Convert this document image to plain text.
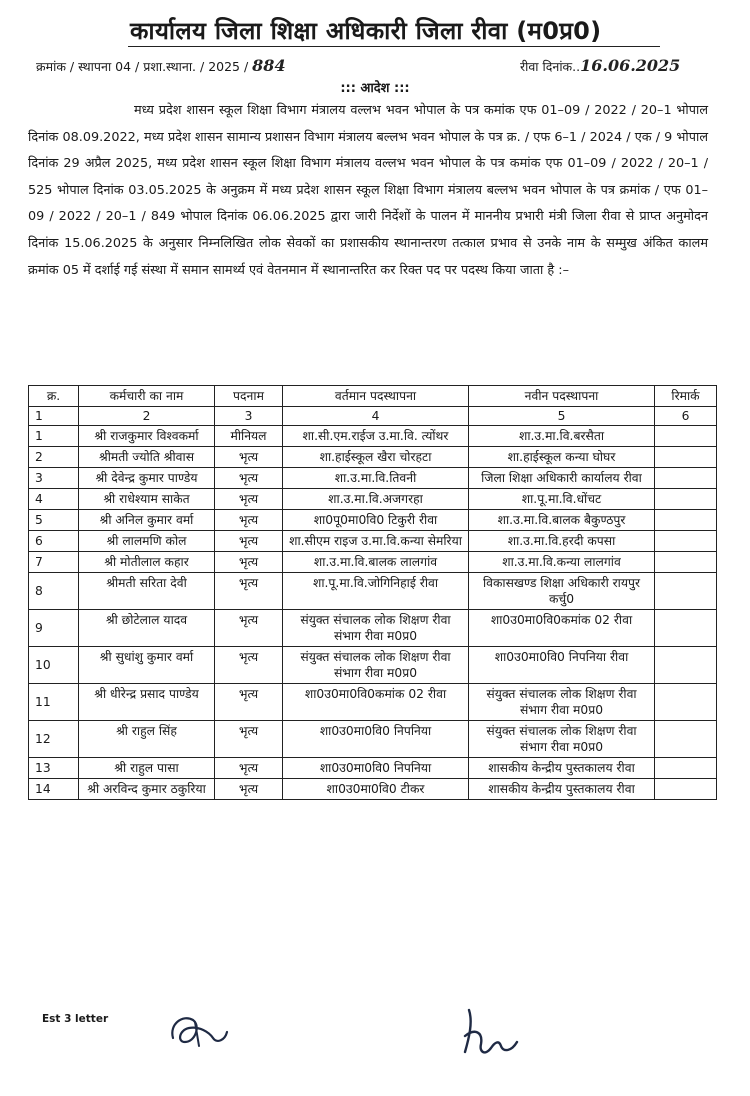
कार्यालय जिला शिक्षा अधिकारी जिला रीवा (म0प्र0)
क्रमांक / स्थापना 04 / प्रशा.स्थाना. / 2025 / 884	रीवा दिनांक..16.06.2025
::: आदेश :::
मध्य प्रदेश शासन स्कूल शिक्षा विभाग मंत्रालय वल्लभ भवन भोपाल के पत्र कमांक एफ 01–09 / 2022 / 20–1 भोपाल दिनांक 08.09.2022, मध्य प्रदेश शासन सामान्य प्रशासन विभाग मंत्रालय बल्लभ भवन भोपाल के पत्र क्र. / एफ 6–1 / 2024 / एक / 9 भोपाल दिनांक 29 अप्रैल 2025, मध्य प्रदेश शासन स्कूल शिक्षा विभाग मंत्रालय वल्लभ भवन भोपाल के पत्र कमांक एफ 01–09 / 2022 / 20–1 / 525 भोपाल दिनांक 03.05.2025 के अनुक्रम में मध्य प्रदेश शासन स्कूल शिक्षा विभाग मंत्रालय बल्लभ भवन भोपाल के पत्र क्रमांक / एफ 01–09 / 2022 / 20–1 / 849 भोपाल दिनांक 06.06.2025 द्वारा जारी निर्देशों के पालन में माननीय प्रभारी मंत्री जिला रीवा से प्राप्त अनुमोदन दिनांक 15.06.2025 के अनुसार निम्नलिखित लोक सेवकों का प्रशासकीय स्थानान्तरण तत्काल प्रभाव से उनके नाम के सम्मुख अंकित कालम क्रमांक 05 में दर्शाई गई संस्था में समान सामर्थ्य एवं वेतनमान में स्थानान्तरित कर रिक्त पद पर पदस्थ किया जाता है :–
क्र.	कर्मचारी का नाम	पदनाम	वर्तमान पदस्थापना	नवीन पदस्थापना	रिमार्क
1	2	3	4	5	6
1	श्री राजकुमार विश्वकर्मा	मीनियल	शा.सी.एम.राईज उ.मा.वि. त्योंथर	शा.उ.मा.वि.बरसैता	
2	श्रीमती ज्योति श्रीवास	भृत्य	शा.हाईस्कूल खैरा चोरहटा	शा.हाईस्कूल कन्या घोघर	
3	श्री देवेन्द्र कुमार पाण्डेय	भृत्य	शा.उ.मा.वि.तिवनी	जिला शिक्षा अधिकारी कार्यालय रीवा	
4	श्री राधेश्याम साकेत	भृत्य	शा.उ.मा.वि.अजगरहा	शा.पू.मा.वि.धोंचट	
5	श्री अनिल कुमार वर्मा	भृत्य	शा0पू0मा0वि0 टिकुरी रीवा	शा.उ.मा.वि.बालक बैकुण्ठपुर	
6	श्री लालमणि कोल	भृत्य	शा.सीएम राइज उ.मा.वि.कन्या सेमरिया	शा.उ.मा.वि.हरदी कपसा	
7	श्री मोतीलाल कहार	भृत्य	शा.उ.मा.वि.बालक लालगांव	शा.उ.मा.वि.कन्या लालगांव	
8	श्रीमती सरिता देवी	भृत्य	शा.पू.मा.वि.जोगिनिहाई रीवा	विकासखण्ड शिक्षा अधिकारी रायपुर कर्चु0	
9	श्री छोटेलाल यादव	भृत्य	संयुक्त संचालक लोक शिक्षण रीवा संभाग रीवा म0प्र0	शा0उ0मा0वि0कमांक 02 रीवा	
10	श्री सुधांशु कुमार वर्मा	भृत्य	संयुक्त संचालक लोक शिक्षण रीवा संभाग रीवा म0प्र0	शा0उ0मा0वि0 निपनिया रीवा	
11	श्री धीरेन्द्र प्रसाद पाण्डेय	भृत्य	शा0उ0मा0वि0कमांक 02 रीवा	संयुक्त संचालक लोक शिक्षण रीवा संभाग रीवा म0प्र0	
12	श्री राहुल सिंह	भृत्य	शा0उ0मा0वि0 निपनिया	संयुक्त संचालक लोक शिक्षण रीवा संभाग रीवा म0प्र0	
13	श्री राहुल पासा	भृत्य	शा0उ0मा0वि0 निपनिया	शासकीय केन्द्रीय पुस्तकालय रीवा	
14	श्री अरविन्द कुमार ठकुरिया	भृत्य	शा0उ0मा0वि0 टीकर	शासकीय केन्द्रीय पुस्तकालय रीवा	
Est 3 letter
